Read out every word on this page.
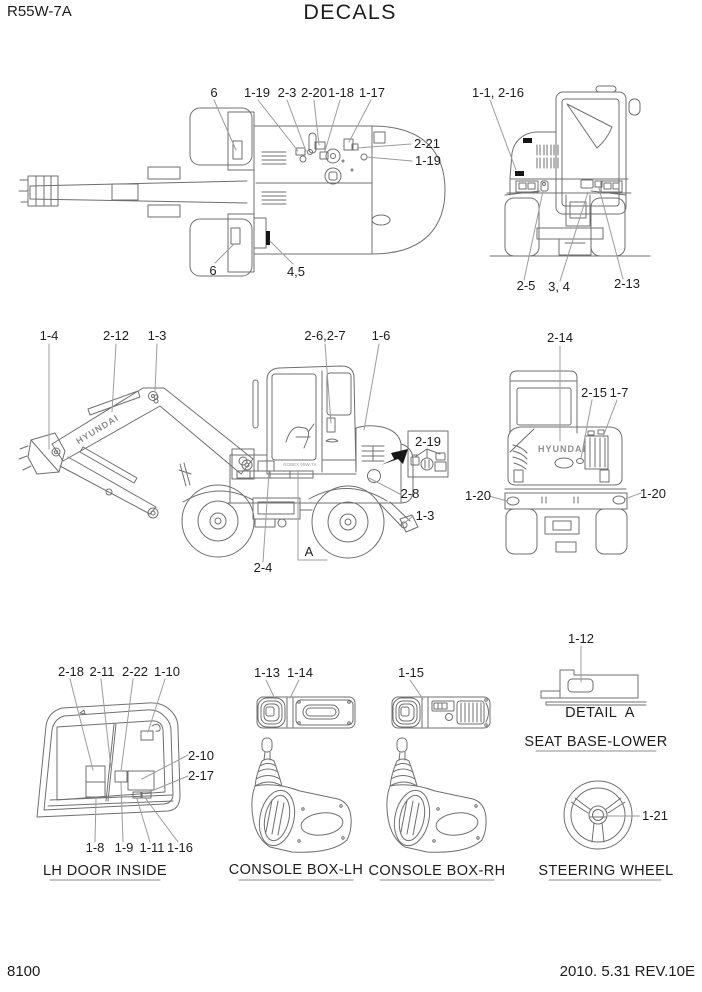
HYUNDAI
ROBEX 55W-7A
HYUNDAI
R55W-7A	DECALS
8100	2010. 5.31 REV.10E
6 1-19 2-3 2-20 1-18 1-17
2-21
1-19
6	4,5
1-1, 2-16
2-5 3, 4	2-13
1-4	2-12 1-3	2-6,2-7 1-6
2-8
1-3
2-4
A
2-19
2-14
2-15 1-7
1-20	1-20
2-18 2-11 2-22 1-10
2-10
2-17
1-8 1-9 1-11 1-16
1-13 1-14	1-15
1-12
1-21
LH DOOR INSIDE	CONSOLE BOX-LH CONSOLE BOX-RH STEERING WHEEL
DETAIL  A
SEAT BASE-LOWER
